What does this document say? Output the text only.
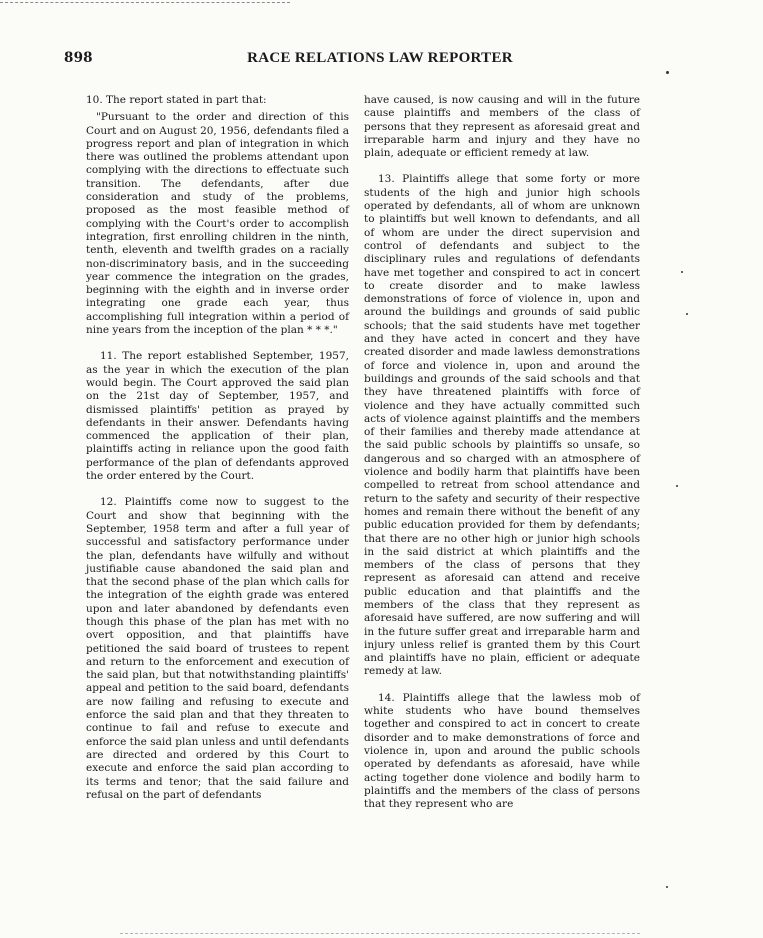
898	RACE RELATIONS LAW REPORTER

10. The report stated in part that:

"Pursuant to the order and direction of this Court and on August 20, 1956, defendants filed a progress report and plan of integration in which there was outlined the problems attendant upon complying with the directions to effectuate such transition. The defendants, after due consideration and study of the problems, proposed as the most feasible method of complying with the Court's order to accomplish integration, first enrolling children in the ninth, tenth, eleventh and twelfth grades on a racially non-discriminatory basis, and in the succeeding year commence the integration on the grades, beginning with the eighth and in inverse order integrating one grade each year, thus accomplishing full integration within a period of nine years from the inception of the plan * * *."

11. The report established September, 1957, as the year in which the execution of the plan would begin. The Court approved the said plan on the 21st day of September, 1957, and dismissed plaintiffs' petition as prayed by defendants in their answer. Defendants having commenced the application of their plan, plaintiffs acting in reliance upon the good faith performance of the plan of defendants approved the order entered by the Court.

12. Plaintiffs come now to suggest to the Court and show that beginning with the September, 1958 term and after a full year of successful and satisfactory performance under the plan, defendants have wilfully and without justifiable cause abandoned the said plan and that the second phase of the plan which calls for the integration of the eighth grade was entered upon and later abandoned by defendants even though this phase of the plan has met with no overt opposition, and that plaintiffs have petitioned the said board of trustees to repent and return to the enforcement and execution of the said plan, but that notwithstanding plaintiffs' appeal and petition to the said board, defendants are now failing and refusing to execute and enforce the said plan and that they threaten to continue to fail and refuse to execute and enforce the said plan unless and until defendants are directed and ordered by this Court to execute and enforce the said plan according to its terms and tenor; that the said failure and refusal on the part of defendants

have caused, is now causing and will in the future cause plaintiffs and members of the class of persons that they represent as aforesaid great and irreparable harm and injury and they have no plain, adequate or efficient remedy at law.

13. Plaintiffs allege that some forty or more students of the high and junior high schools operated by defendants, all of whom are unknown to plaintiffs but well known to defendants, and all of whom are under the direct supervision and control of defendants and subject to the disciplinary rules and regulations of defendants have met together and conspired to act in concert to create disorder and to make lawless demonstrations of force of violence in, upon and around the buildings and grounds of said public schools; that the said students have met together and they have acted in concert and they have created disorder and made lawless demonstrations of force and violence in, upon and around the buildings and grounds of the said schools and that they have threatened plaintiffs with force of violence and they have actually committed such acts of violence against plaintiffs and the members of their families and thereby made attendance at the said public schools by plaintiffs so unsafe, so dangerous and so charged with an atmosphere of violence and bodily harm that plaintiffs have been compelled to retreat from school attendance and return to the safety and security of their respective homes and remain there without the benefit of any public education provided for them by defendants; that there are no other high or junior high schools in the said district at which plaintiffs and the members of the class of persons that they represent as aforesaid can attend and receive public education and that plaintiffs and the members of the class that they represent as aforesaid have suffered, are now suffering and will in the future suffer great and irreparable harm and injury unless relief is granted them by this Court and plaintiffs have no plain, efficient or adequate remedy at law.

14. Plaintiffs allege that the lawless mob of white students who have bound themselves together and conspired to act in concert to create disorder and to make demonstrations of force and violence in, upon and around the public schools operated by defendants as aforesaid, have while acting together done violence and bodily harm to plaintiffs and the members of the class of persons that they represent who are
